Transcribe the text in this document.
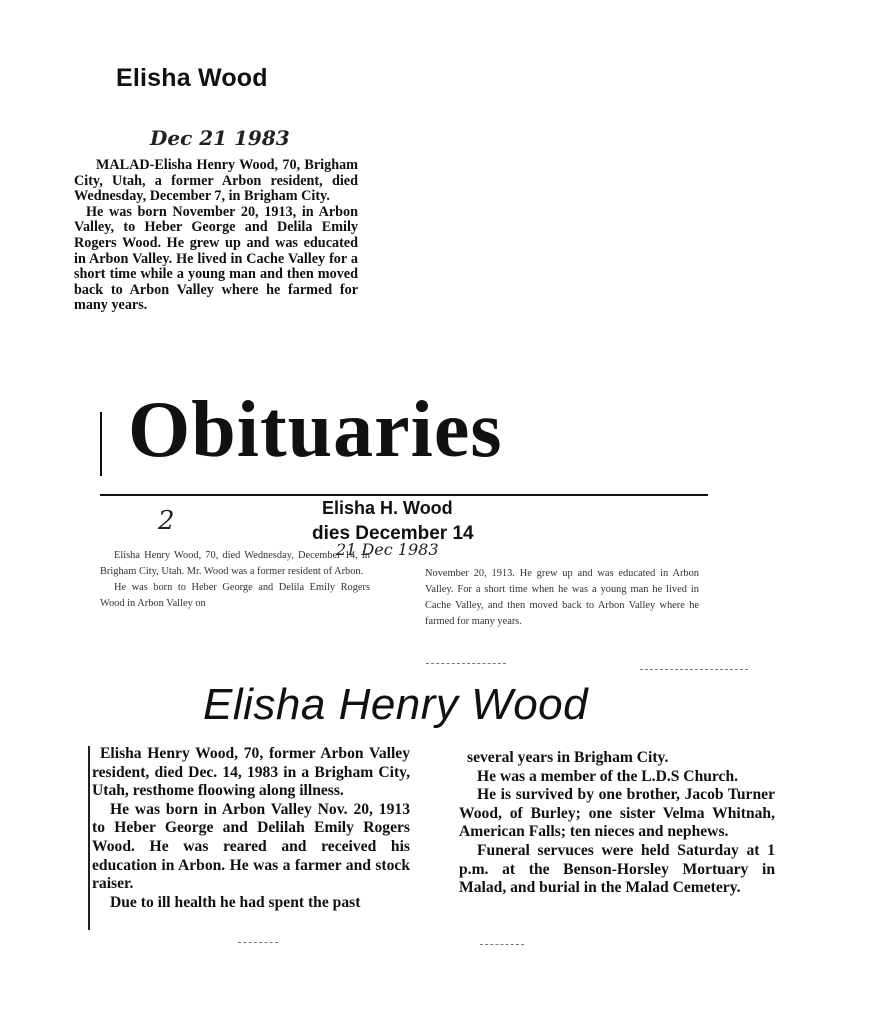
Elisha Wood
Dec 21 1983

MALAD-Elisha Henry Wood, 70, Brigham City, Utah, a former Arbon resident, died Wednesday, December 7, in Brigham City.

He was born November 20, 1913, in Arbon Valley, to Heber George and Delila Emily Rogers Wood. He grew up and was educated in Arbon Valley. He lived in Cache Valley for a short time while a young man and then moved back to Arbon Valley where he farmed for many years.

Obituaries
Elisha H. Wood
dies December 14
2
21 Dec 1983

Elisha Henry Wood, 70, died Wednesday, December 14, in Brigham City, Utah. Mr. Wood was a former resident of Arbon.

He was born to Heber George and Delila Emily Rogers Wood in Arbon Valley on

November 20, 1913. He grew up and was educated in Arbon Valley. For a short time when he was a young man he lived in Cache Valley, and then moved back to Arbon Valley where he farmed for many years.

Elisha Henry Wood

Elisha Henry Wood, 70, former Arbon Valley resident, died Dec. 14, 1983 in a Brigham City, Utah, resthome floowing along illness.

He was born in Arbon Valley Nov. 20, 1913 to Heber George and Delilah Emily Rogers Wood. He was reared and received his education in Arbon. He was a farmer and stock raiser.

Due to ill health he had spent the past

several years in Brigham City.

He was a member of the L.D.S Church.

He is survived by one brother, Jacob Turner Wood, of Burley; one sister Velma Whitnah, American Falls; ten nieces and nephews.

Funeral servuces were held Saturday at 1 p.m. at the Benson-Horsley Mortuary in Malad, and burial in the Malad Cemetery.
